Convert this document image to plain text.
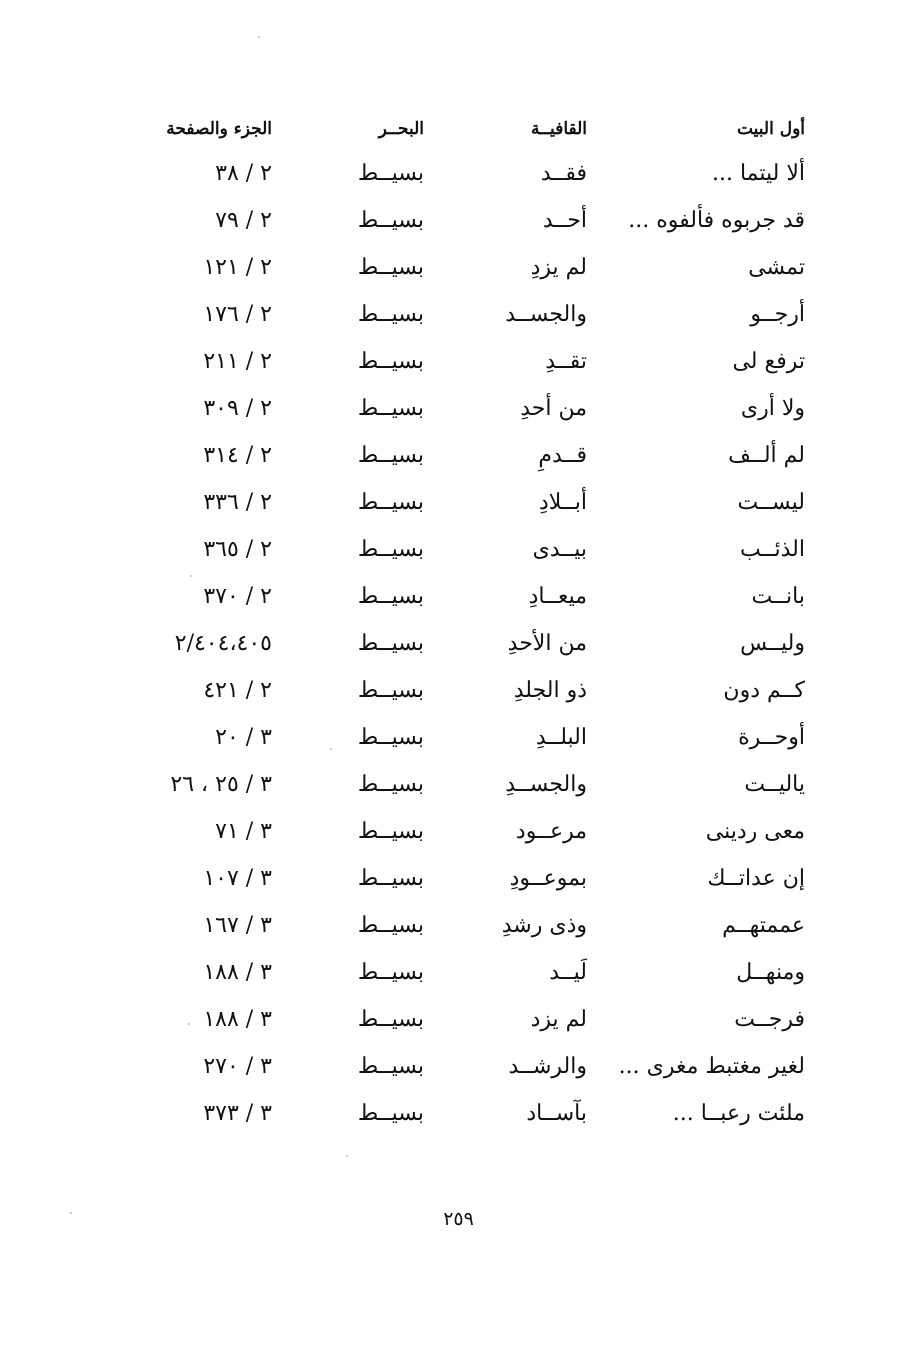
أول البيت
القافيــة
البحــر
الجزء والصفحة
ألا ليتما ...
فقــد
بسيــط
٢ / ٣٨
قد جربوه فألفوه ...
أحــد
بسيــط
٢ / ٧٩
تمشى
لم يزدِ
بسيــط
٢ / ١٢١
أرجــو
والجســد
بسيــط
٢ / ١٧٦
ترفع لى
تقــدِ
بسيــط
٢ / ٢١١
ولا أرى
من أحدِ
بسيــط
٢ / ٣٠٩
لم ألــف
قــدمِ
بسيــط
٢ / ٣١٤
ليســت
أبــلادِ
بسيــط
٢ / ٣٣٦
الذئــب
بيــدى
بسيــط
٢ / ٣٦٥
بانــت
ميعــادِ
بسيــط
٢ / ٣٧٠
وليــس
من الأحدِ
بسيــط
٢/٤٠٤،٤٠٥
كــم دون
ذو الجلدِ
بسيــط
٢ / ٤٢١
أوحــرة
البلــدِ
بسيــط
٣ / ٢٠
ياليــت
والجســدِ
بسيــط
٣ / ٢٥ ، ٢٦
معى ردينى
مرعــود
بسيــط
٣ / ٧١
إن عداتــك
بموعــودِ
بسيــط
٣ / ١٠٧
عممتهــم
وذى رشدِ
بسيــط
٣ / ١٦٧
ومنهــل
لَيــد
بسيــط
٣ / ١٨٨
فرجــت
لم يزد
بسيــط
٣ / ١٨٨
لغير مغتبط مغرى ...
والرشــد
بسيــط
٣ / ٢٧٠
ملئت رعبــا ...
بآســاد
بسيــط
٣ / ٣٧٣
٢٥٩
